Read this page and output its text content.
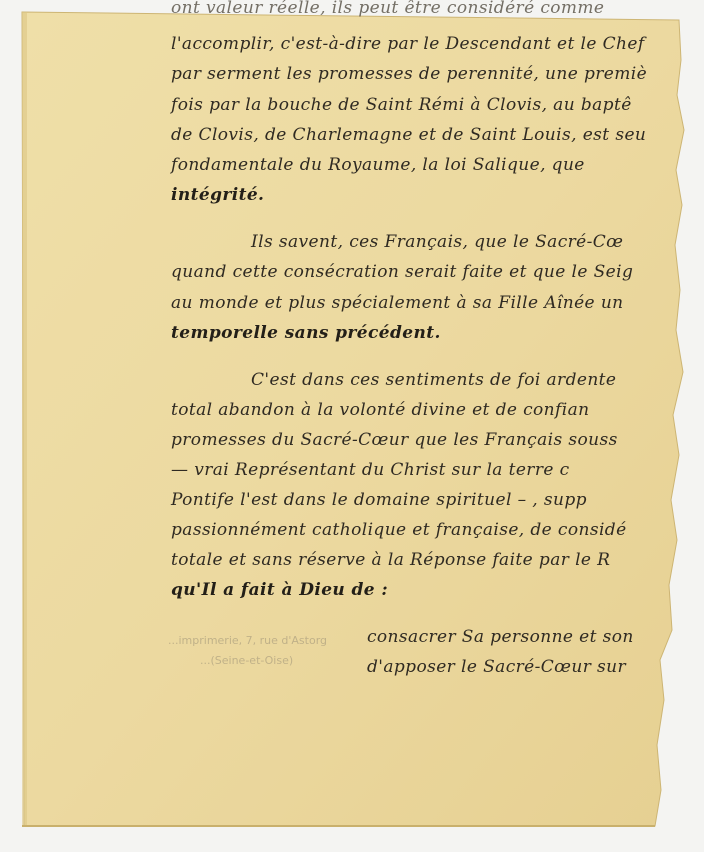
ont valeur réelle, ils peut être considéré comme
l'accomplir, c'est-à-dire par le Descendant et le Chef
par serment les promesses de perennité, une premiè
fois par la bouche de Saint Rémi à Clovis, au baptê
de Clovis, de Charlemagne et de Saint Louis, est seu
fondamentale du Royaume, la loi Salique, que
intégrité.
Ils savent, ces Français, que le Sacré-Cœ
quand cette consécration serait faite et que le Seig
au monde et plus spécialement à sa Fille Aînée un
temporelle sans précédent.
C'est dans ces sentiments de foi ardente
total abandon à la volonté divine et de confian
promesses du Sacré-Cœur que les Français souss
— vrai Représentant du Christ sur la terre c
Pontife l'est dans le domaine spirituel – , supp
passionnément catholique et française, de considé
totale et sans réserve à la Réponse faite par le R
qu'Il a fait à Dieu de :
consacrer Sa personne et son
d'apposer le Sacré-Cœur sur
...imprimerie, 7, rue d'Astorg
...(Seine-et-Oise)
